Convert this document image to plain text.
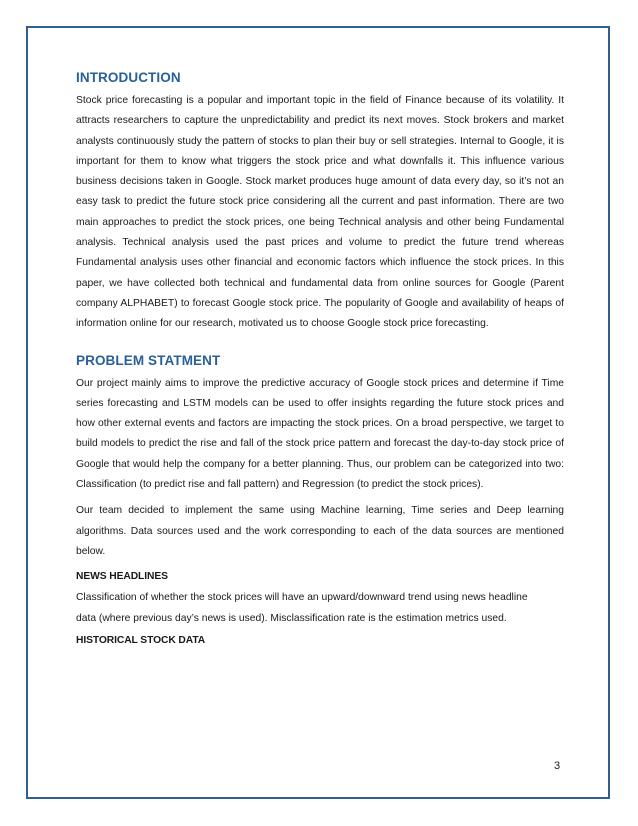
INTRODUCTION

Stock price forecasting is a popular and important topic in the field of Finance because of its volatility. It attracts researchers to capture the unpredictability and predict its next moves. Stock brokers and market analysts continuously study the pattern of stocks to plan their buy or sell strategies. Internal to Google, it is important for them to know what triggers the stock price and what downfalls it. This influence various business decisions taken in Google. Stock market produces huge amount of data every day, so it’s not an easy task to predict the future stock price considering all the current and past information. There are two main approaches to predict the stock prices, one being Technical analysis and other being Fundamental analysis. Technical analysis used the past prices and volume to predict the future trend whereas Fundamental analysis uses other financial and economic factors which influence the stock prices. In this paper, we have collected both technical and fundamental data from online sources for Google (Parent company ALPHABET) to forecast Google stock price. The popularity of Google and availability of heaps of information online for our research, motivated us to choose Google stock price forecasting.

PROBLEM STATMENT

Our project mainly aims to improve the predictive accuracy of Google stock prices and determine if Time series forecasting and LSTM models can be used to offer insights regarding the future stock prices and how other external events and factors are impacting the stock prices. On a broad perspective, we target to build models to predict the rise and fall of the stock price pattern and forecast the day-to-day stock price of Google that would help the company for a better planning. Thus, our problem can be categorized into two: Classification (to predict rise and fall pattern) and Regression (to predict the stock prices).

Our team decided to implement the same using Machine learning, Time series and Deep learning algorithms. Data sources used and the work corresponding to each of the data sources are mentioned below.

NEWS HEADLINES

Classification of whether the stock prices will have an upward/downward trend using news headline

data (where previous day’s news is used). Misclassification rate is the estimation metrics used.

HISTORICAL STOCK DATA
3
